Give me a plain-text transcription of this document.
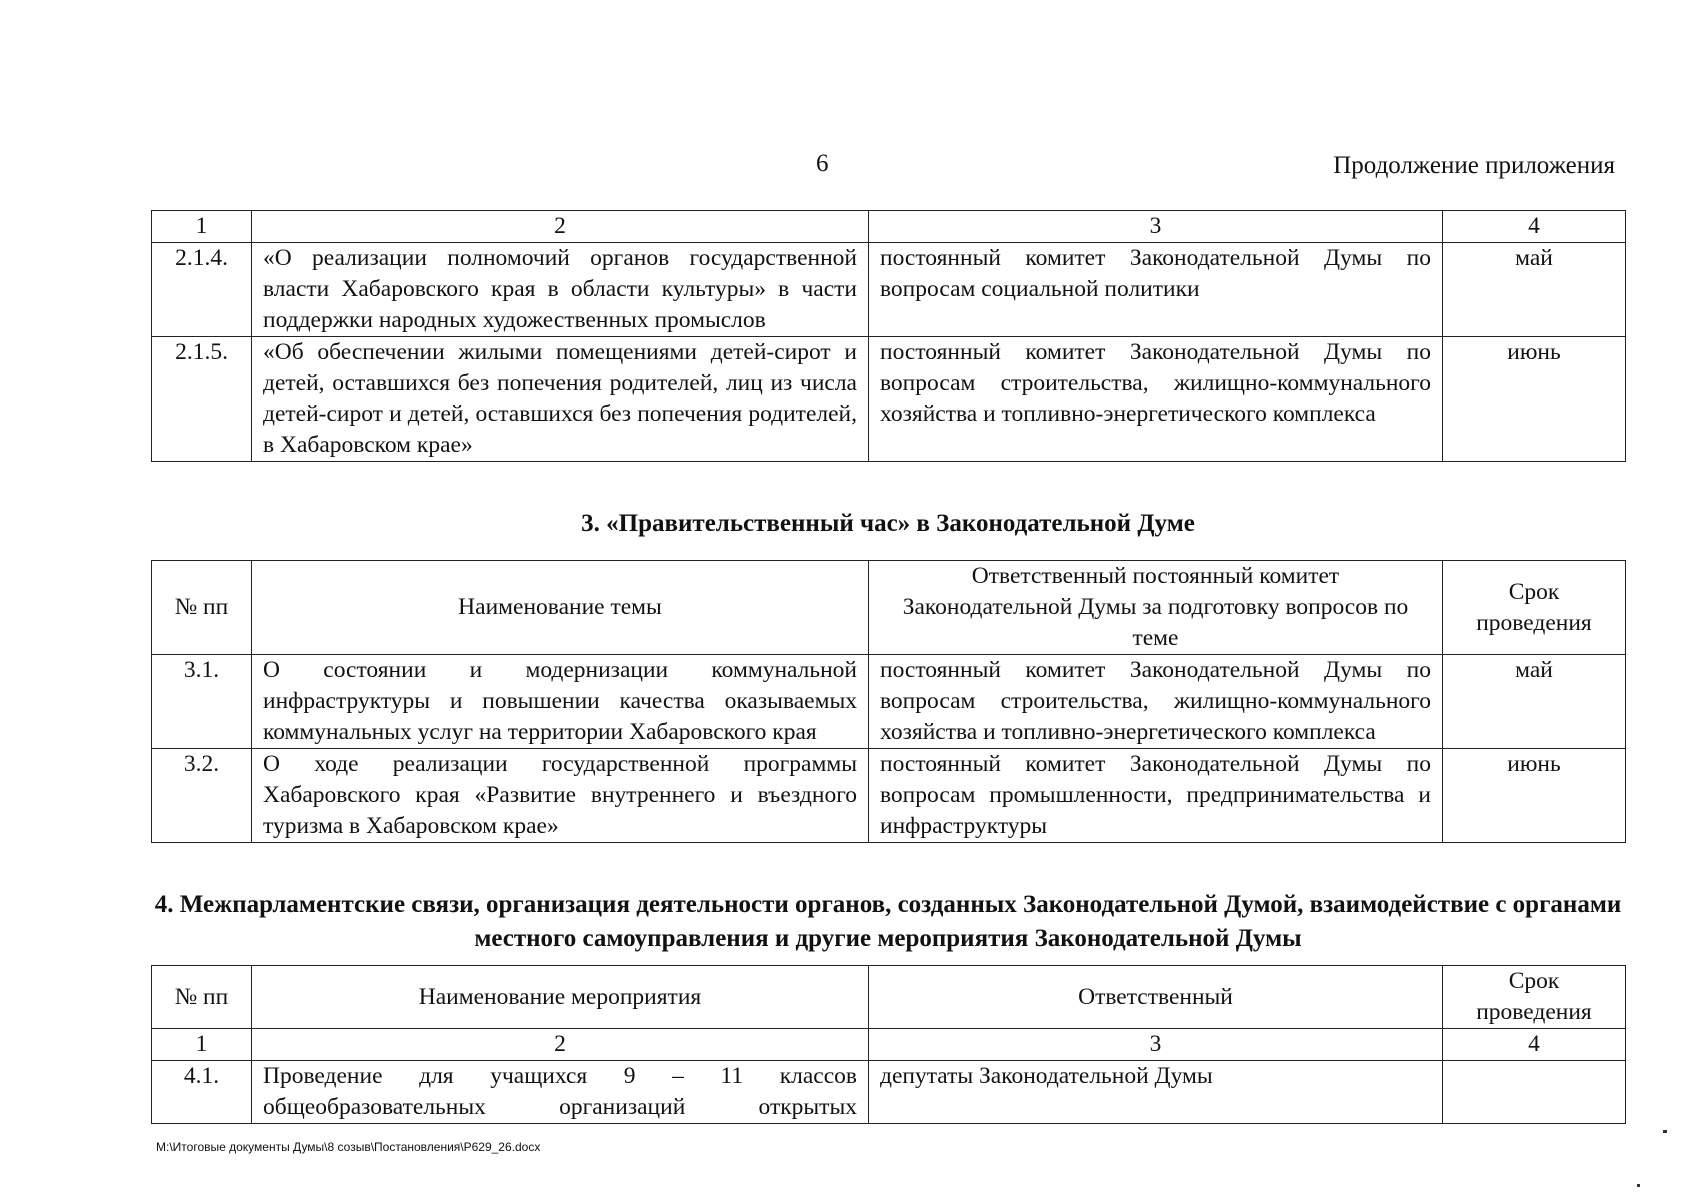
6	Продолжение приложения
1	2	3	4
2.1.4.	«О реализации полномочий органов государственной власти Хабаровского края в области культуры» в части поддержки народных художественных промыслов	постоянный комитет Законодательной Думы по вопросам социальной политики	май
2.1.5.	«Об обеспечении жилыми помещениями детей-сирот и детей, оставшихся без попечения родителей, лиц из числа детей-сирот и детей, оставшихся без попечения родителей, в Хабаровском крае»	постоянный комитет Законодательной Думы по вопросам строительства, жилищно-коммунального хозяйства и топливно-энергетического комплекса	июнь
3. «Правительственный час» в Законодательной Думе
№ пп	Наименование темы	Ответственный постоянный комитет Законодательной Думы за подготовку вопросов по теме	Срок проведения
3.1.	О состоянии и модернизации коммунальной инфраструктуры и повышении качества оказываемых коммунальных услуг на территории Хабаровского края	постоянный комитет Законодательной Думы по вопросам строительства, жилищно-коммунального хозяйства и топливно-энергетического комплекса	май
3.2.	О ходе реализации государственной программы Хабаровского края «Развитие внутреннего и въездного туризма в Хабаровском крае»	постоянный комитет Законодательной Думы по вопросам промышленности, предпринимательства и инфраструктуры	июнь
4. Межпарламентские связи, организация деятельности органов, созданных Законодательной Думой, взаимодействие с органами местного самоуправления и другие мероприятия Законодательной Думы
№ пп	Наименование мероприятия	Ответственный	Срок проведения
1	2	3	4
4.1.	Проведение для учащихся 9 – 11 классов общеобразовательных организаций открытых	депутаты Законодательной Думы	
M:\Итоговые документы Думы\8 созыв\Постановления\P629_26.docx
